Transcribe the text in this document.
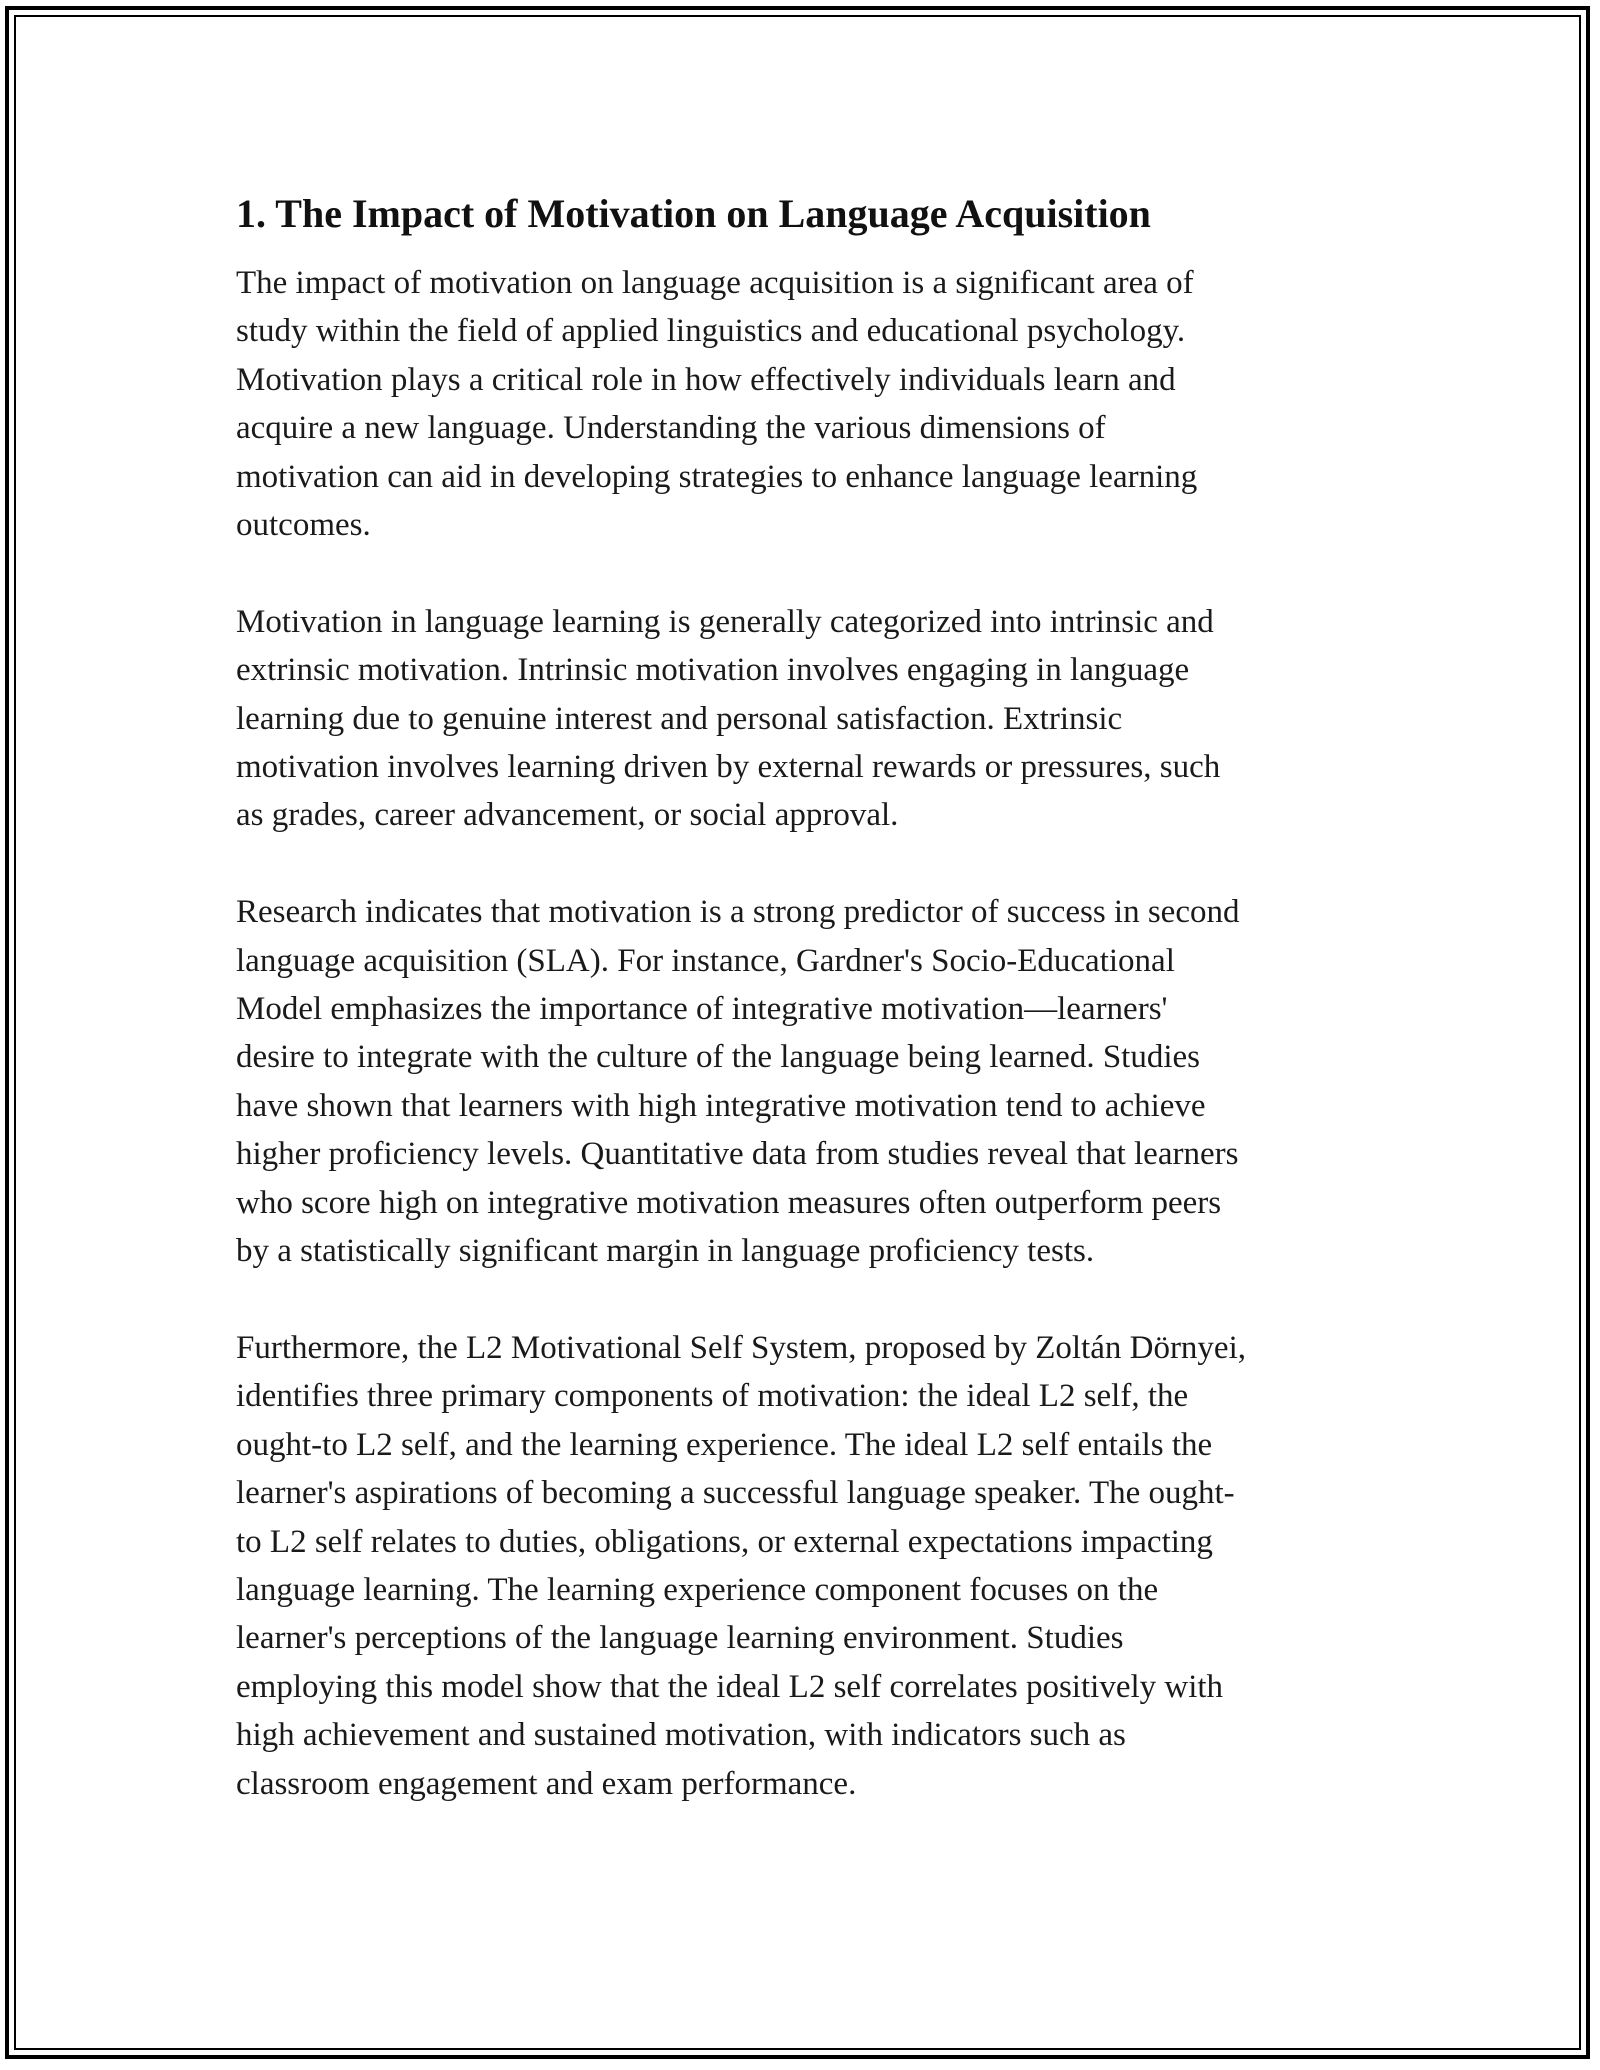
1. The Impact of Motivation on Language Acquisition

The impact of motivation on language acquisition is a significant area of
study within the field of applied linguistics and educational psychology.
Motivation plays a critical role in how effectively individuals learn and
acquire a new language. Understanding the various dimensions of
motivation can aid in developing strategies to enhance language learning
outcomes.

Motivation in language learning is generally categorized into intrinsic and
extrinsic motivation. Intrinsic motivation involves engaging in language
learning due to genuine interest and personal satisfaction. Extrinsic
motivation involves learning driven by external rewards or pressures, such
as grades, career advancement, or social approval.

Research indicates that motivation is a strong predictor of success in second
language acquisition (SLA). For instance, Gardner's Socio-Educational
Model emphasizes the importance of integrative motivation—learners'
desire to integrate with the culture of the language being learned. Studies
have shown that learners with high integrative motivation tend to achieve
higher proficiency levels. Quantitative data from studies reveal that learners
who score high on integrative motivation measures often outperform peers
by a statistically significant margin in language proficiency tests.

Furthermore, the L2 Motivational Self System, proposed by Zoltán Dörnyei,
identifies three primary components of motivation: the ideal L2 self, the
ought-to L2 self, and the learning experience. The ideal L2 self entails the
learner's aspirations of becoming a successful language speaker. The ought-
to L2 self relates to duties, obligations, or external expectations impacting
language learning. The learning experience component focuses on the
learner's perceptions of the language learning environment. Studies
employing this model show that the ideal L2 self correlates positively with
high achievement and sustained motivation, with indicators such as
classroom engagement and exam performance.
